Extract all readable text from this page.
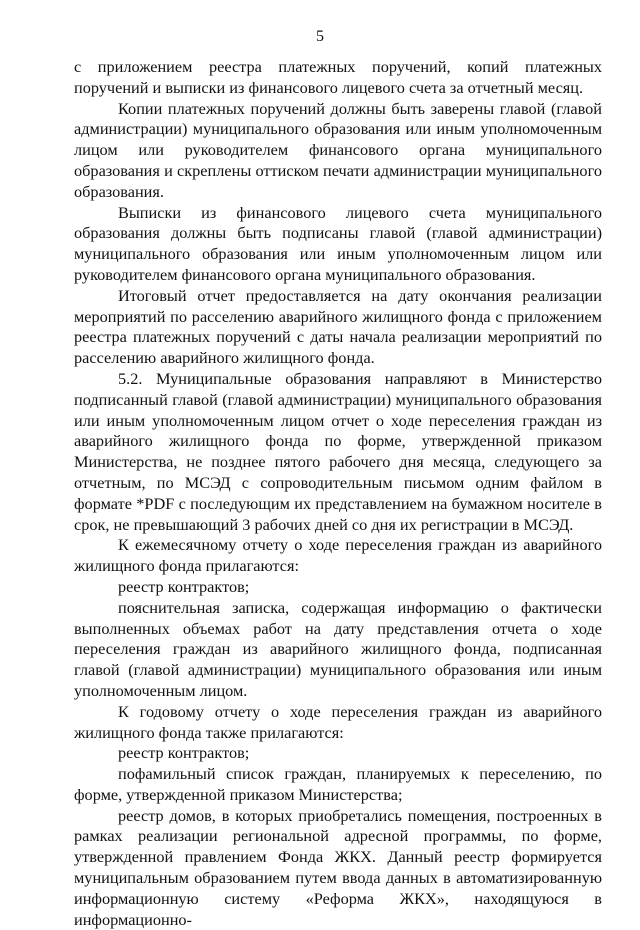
5

с приложением реестра платежных поручений, копий платежных поручений и выписки из финансового лицевого счета за отчетный месяц.

Копии платежных поручений должны быть заверены главой (главой администрации) муниципального образования или иным уполномоченным лицом или руководителем финансового органа муниципального образования и скреплены оттиском печати администрации муниципального образования.

Выписки из финансового лицевого счета муниципального образования должны быть подписаны главой (главой администрации) муниципального образования или иным уполномоченным лицом или руководителем финансового органа муниципального образования.

Итоговый отчет предоставляется на дату окончания реализации мероприятий по расселению аварийного жилищного фонда с приложением реестра платежных поручений с даты начала реализации мероприятий по расселению аварийного жилищного фонда.

5.2. Муниципальные образования направляют в Министерство подписанный главой (главой администрации) муниципального образования или иным уполномоченным лицом отчет о ходе переселения граждан из аварийного жилищного фонда по форме, утвержденной приказом Министерства, не позднее пятого рабочего дня месяца, следующего за отчетным, по МСЭД с сопроводительным письмом одним файлом в формате *PDF с последующим их представлением на бумажном носителе в срок, не превышающий 3 рабочих дней со дня их регистрации в МСЭД.

К ежемесячному отчету о ходе переселения граждан из аварийного жилищного фонда прилагаются:

реестр контрактов;

пояснительная записка, содержащая информацию о фактически выполненных объемах работ на дату представления отчета о ходе переселения граждан из аварийного жилищного фонда, подписанная главой (главой администрации) муниципального образования или иным уполномоченным лицом.

К годовому отчету о ходе переселения граждан из аварийного жилищного фонда также прилагаются:

реестр контрактов;

пофамильный список граждан, планируемых к переселению, по форме, утвержденной приказом Министерства;

реестр домов, в которых приобретались помещения, построенных в рамках реализации региональной адресной программы, по форме, утвержденной правлением Фонда ЖКХ. Данный реестр формируется муниципальным образованием путем ввода данных в автоматизированную информационную систему «Реформа ЖКХ», находящуюся в информационно-
